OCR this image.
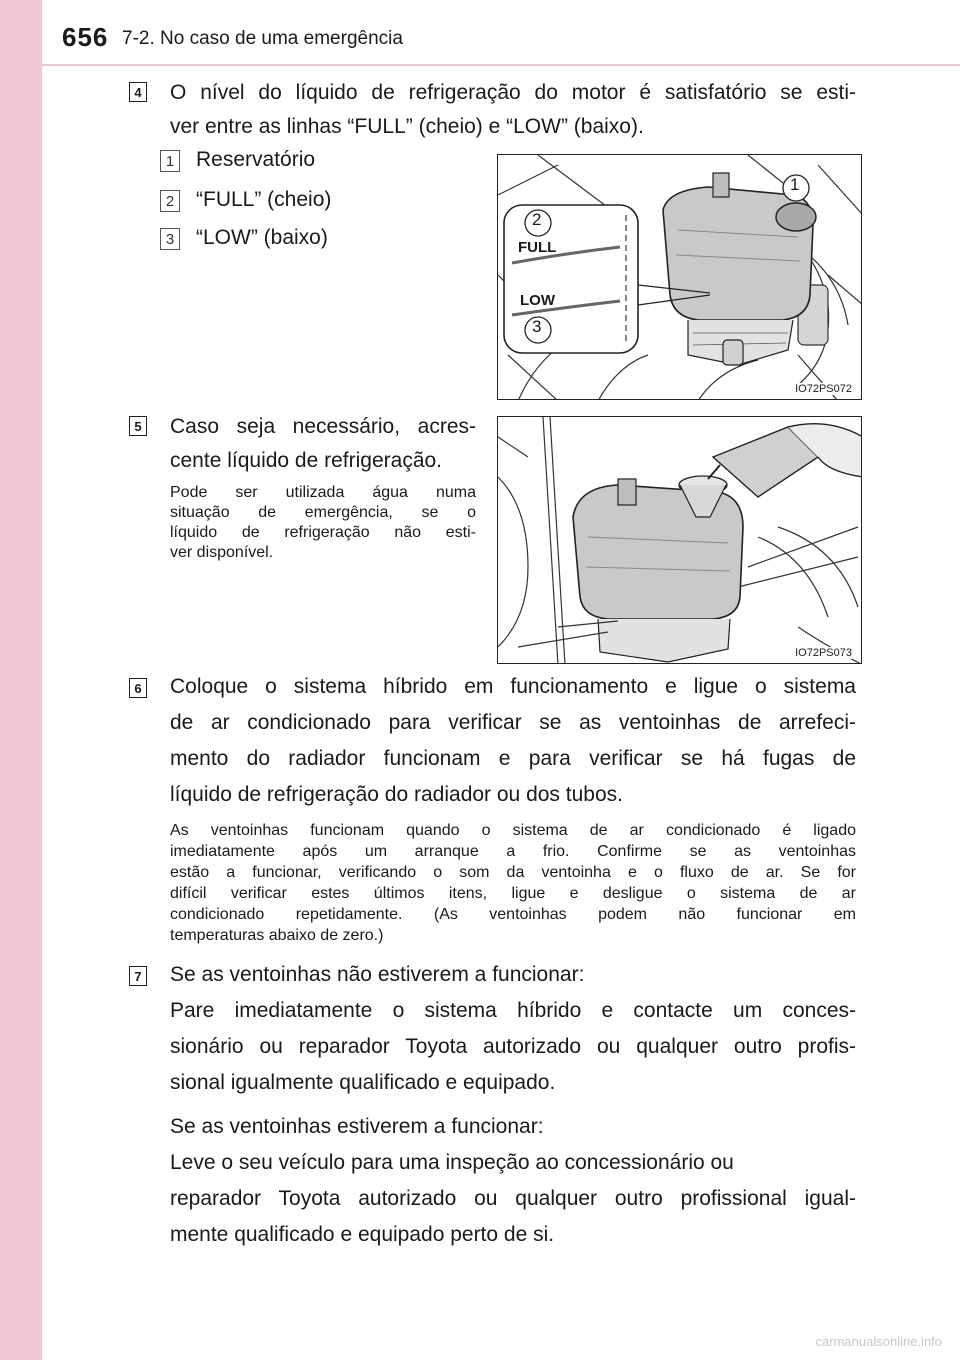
656 7-2. No caso de uma emergência
4 O nível do líquido de refrigeração do motor é satisfatório se esti-
ver entre as linhas “FULL” (cheio) e “LOW” (baixo).
1 Reservatório
2 “FULL” (cheio)
3 “LOW” (baixo)
2
3
1
FULL
LOW
IO72PS072
5 Caso seja necessário, acres-
cente líquido de refrigeração.
Pode ser utilizada água numa
situação de emergência, se o
líquido de refrigeração não esti-
ver disponível.
IO72PS073
6 Coloque o sistema híbrido em funcionamento e ligue o sistema
de ar condicionado para verificar se as ventoinhas de arrefeci-
mento do radiador funcionam e para verificar se há fugas de
líquido de refrigeração do radiador ou dos tubos.
As ventoinhas funcionam quando o sistema de ar condicionado é ligado
imediatamente após um arranque a frio. Confirme se as ventoinhas
estão a funcionar, verificando o som da ventoinha e o fluxo de ar. Se for
difícil verificar estes últimos itens, ligue e desligue o sistema de ar
condicionado repetidamente. (As ventoinhas podem não funcionar em
temperaturas abaixo de zero.)
7 Se as ventoinhas não estiverem a funcionar:
Pare imediatamente o sistema híbrido e contacte um conces-
sionário ou reparador Toyota autorizado ou qualquer outro profis-
sional igualmente qualificado e equipado.
Se as ventoinhas estiverem a funcionar:
Leve o seu veículo para uma inspeção ao concessionário ou
reparador Toyota autorizado ou qualquer outro profissional igual-
mente qualificado e equipado perto de si.
carmanualsonline.info
